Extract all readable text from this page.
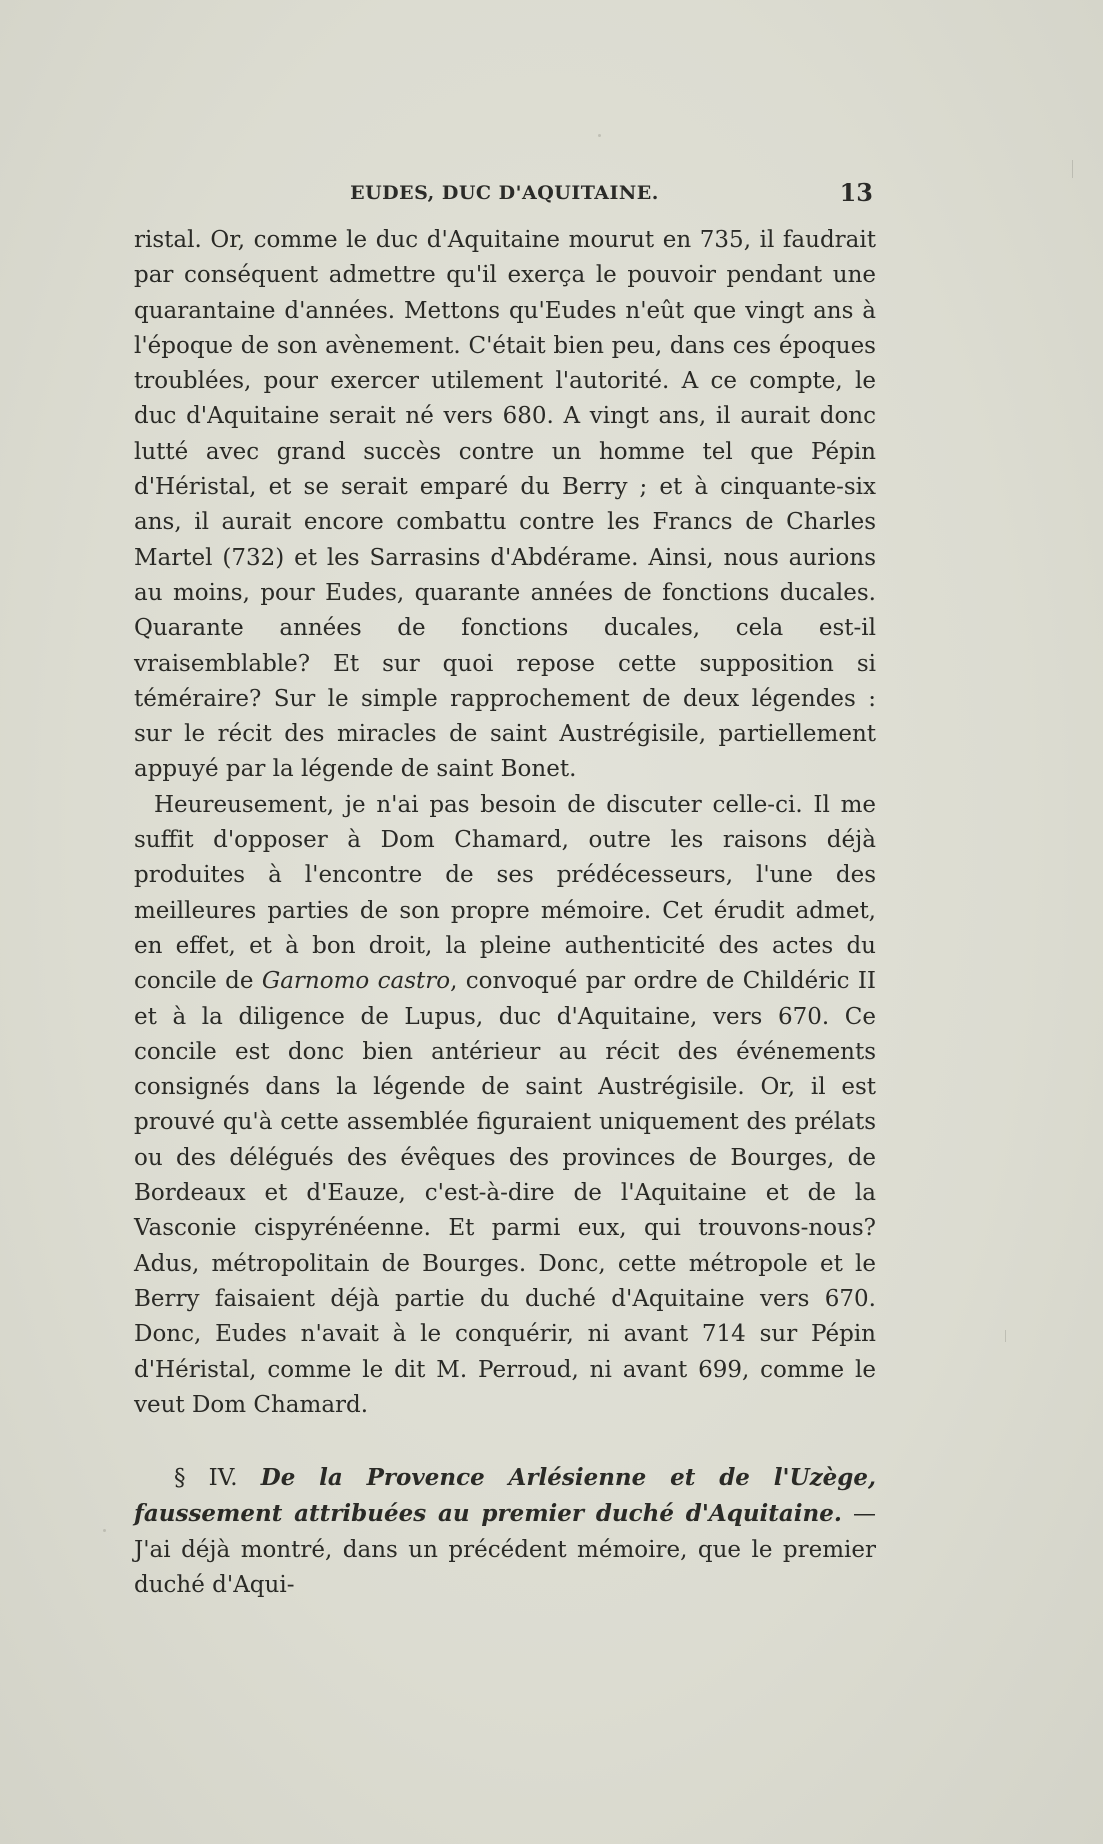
EUDES, DUC D'AQUITAINE.	13

ristal. Or, comme le duc d'Aquitaine mourut en 735, il faudrait par conséquent admettre qu'il exerça le pouvoir pendant une quarantaine d'années. Mettons qu'Eudes n'eût que vingt ans à l'époque de son avènement. C'était bien peu, dans ces époques troublées, pour exercer utilement l'autorité. A ce compte, le duc d'Aquitaine serait né vers 680. A vingt ans, il aurait donc lutté avec grand succès contre un homme tel que Pépin d'Héristal, et se serait emparé du Berry ; et à cinquante-six ans, il aurait encore combattu contre les Francs de Charles Martel (732) et les Sarrasins d'Abdérame. Ainsi, nous aurions au moins, pour Eudes, quarante années de fonctions ducales. Quarante années de fonctions ducales, cela est-il vraisemblable? Et sur quoi repose cette supposition si téméraire? Sur le simple rapprochement de deux légendes : sur le récit des miracles de saint Austrégisile, partiellement appuyé par la légende de saint Bonet.

Heureusement, je n'ai pas besoin de discuter celle-ci. Il me suffit d'opposer à Dom Chamard, outre les raisons déjà produites à l'encontre de ses prédécesseurs, l'une des meilleures parties de son propre mémoire. Cet érudit admet, en effet, et à bon droit, la pleine authenticité des actes du concile de Garnomo castro, convoqué par ordre de Childéric II et à la diligence de Lupus, duc d'Aquitaine, vers 670. Ce concile est donc bien antérieur au récit des événements consignés dans la légende de saint Austrégisile. Or, il est prouvé qu'à cette assemblée figuraient uniquement des prélats ou des délégués des évêques des provinces de Bourges, de Bordeaux et d'Eauze, c'est-à-dire de l'Aquitaine et de la Vasconie cispyrénéenne. Et parmi eux, qui trouvons-nous? Adus, métropolitain de Bourges. Donc, cette métropole et le Berry faisaient déjà partie du duché d'Aquitaine vers 670. Donc, Eudes n'avait à le conquérir, ni avant 714 sur Pépin d'Héristal, comme le dit M. Perroud, ni avant 699, comme le veut Dom Chamard.

§ IV. De la Provence Arlésienne et de l'Uzège, faussement attribuées au premier duché d'Aquitaine. — J'ai déjà montré, dans un précédent mémoire, que le premier duché d'Aqui-
